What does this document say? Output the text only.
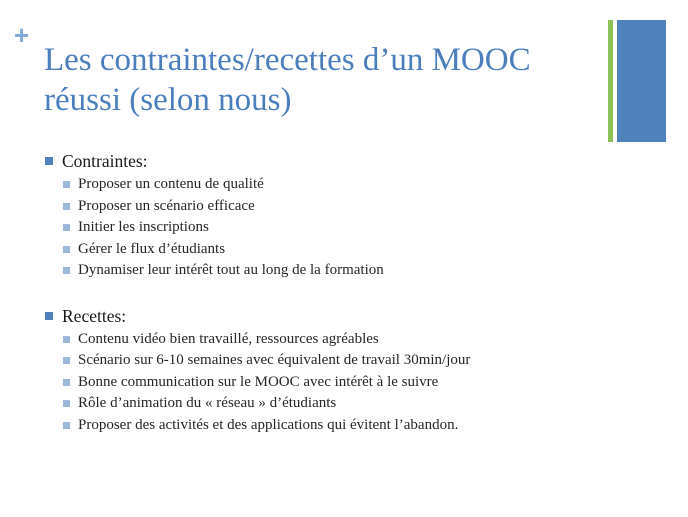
+
Les contraintes/recettes d’un MOOC
réussi (selon nous)
Contraintes:
Proposer un contenu de qualité
Proposer un scénario efficace
Initier les inscriptions
Gérer le flux d’étudiants
Dynamiser leur intérêt tout au long de la formation
Recettes:
Contenu vidéo bien travaillé, ressources agréables
Scénario sur 6-10 semaines avec équivalent de travail 30min/jour
Bonne communication sur le MOOC avec intérêt à le suivre
Rôle d’animation du « réseau » d’étudiants
Proposer des activités et des applications qui évitent l’abandon.
